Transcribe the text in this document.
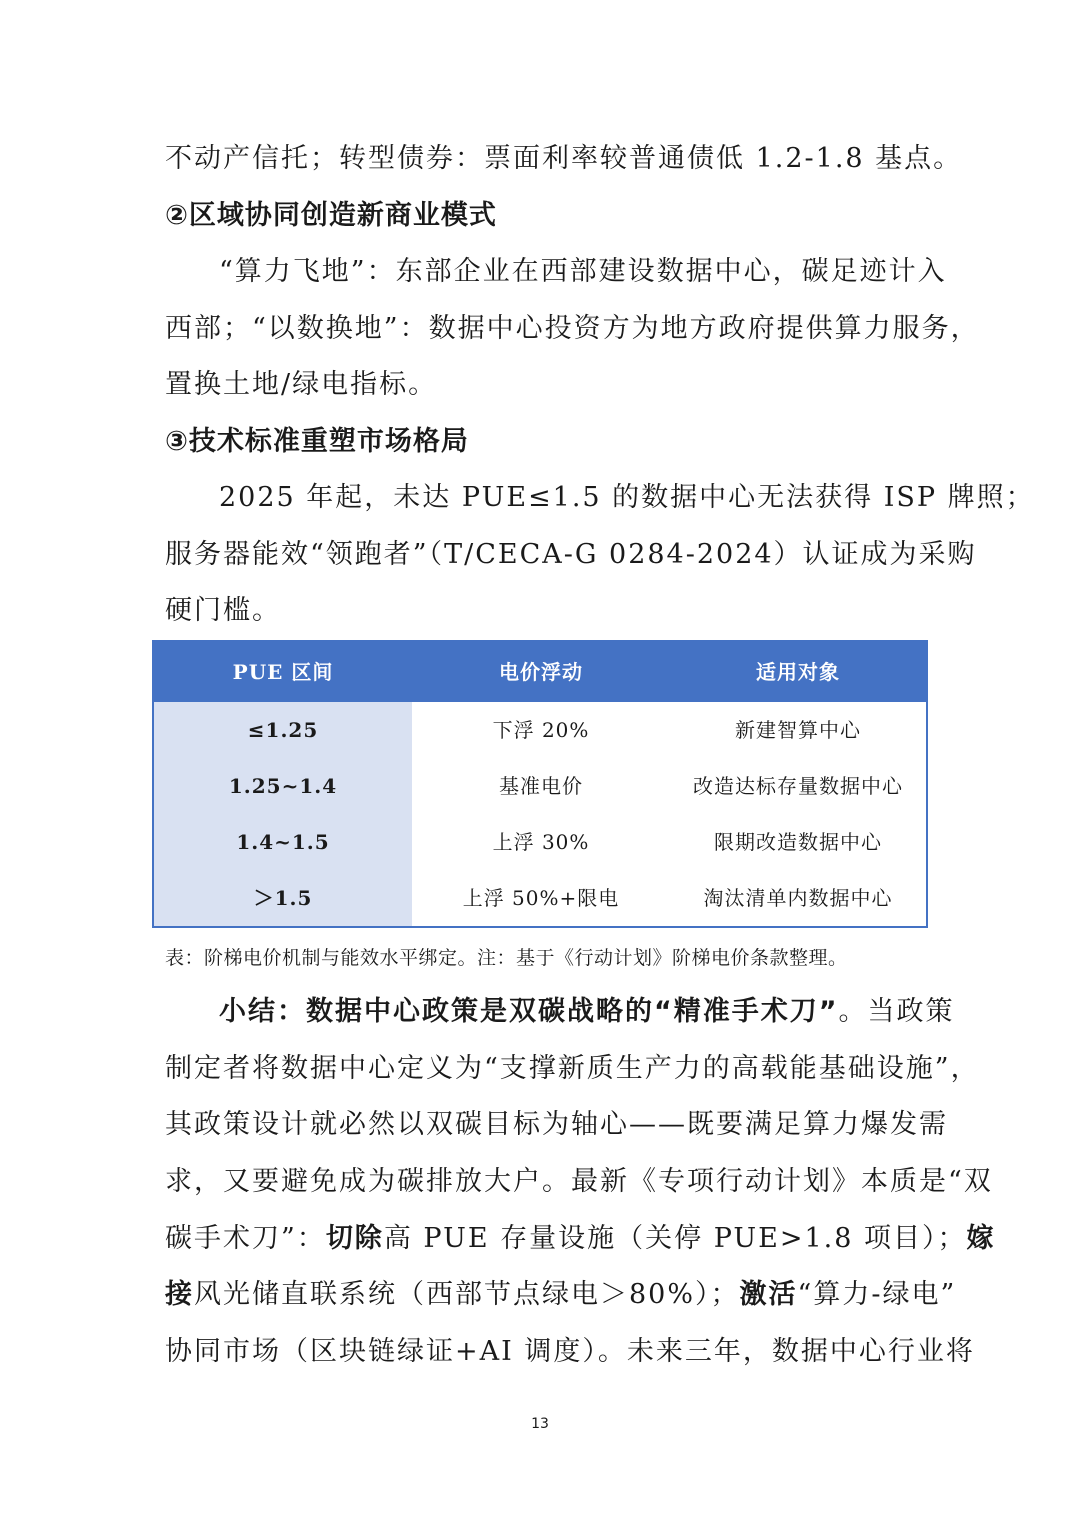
不动产信托；转型债券：票面利率较普通债低 1.2-1.8 基点。
②区域协同创造新商业模式
“算力飞地”：东部企业在西部建设数据中心，碳足迹计入
西部；“以数换地”：数据中心投资方为地方政府提供算力服务，
置换土地/绿电指标。
③技术标准重塑市场格局
2025 年起，未达 PUE≤1.5 的数据中心无法获得 ISP 牌照；
服务器能效“领跑者”（T/CECA-G 0284-2024）认证成为采购
硬门槛。
PUE 区间	电价浮动	适用对象
≤1.25	下浮 20%	新建智算中心
1.25~1.4	基准电价	改造达标存量数据中心
1.4~1.5	上浮 30%	限期改造数据中心
＞1.5	上浮 50%+限电	淘汰清单内数据中心
表：阶梯电价机制与能效水平绑定。注：基于《行动计划》阶梯电价条款整理。
小结：数据中心政策是双碳战略的“精准手术刀”。当政策
制定者将数据中心定义为“支撑新质生产力的高载能基础设施”，
其政策设计就必然以双碳目标为轴心——既要满足算力爆发需
求，又要避免成为碳排放大户。最新《专项行动计划》本质是“双
碳手术刀”：切除高 PUE 存量设施（关停 PUE>1.8 项目）；嫁
接风光储直联系统（西部节点绿电＞80%）；激活“算力-绿电”
协同市场（区块链绿证+AI 调度）。未来三年，数据中心行业将
13
